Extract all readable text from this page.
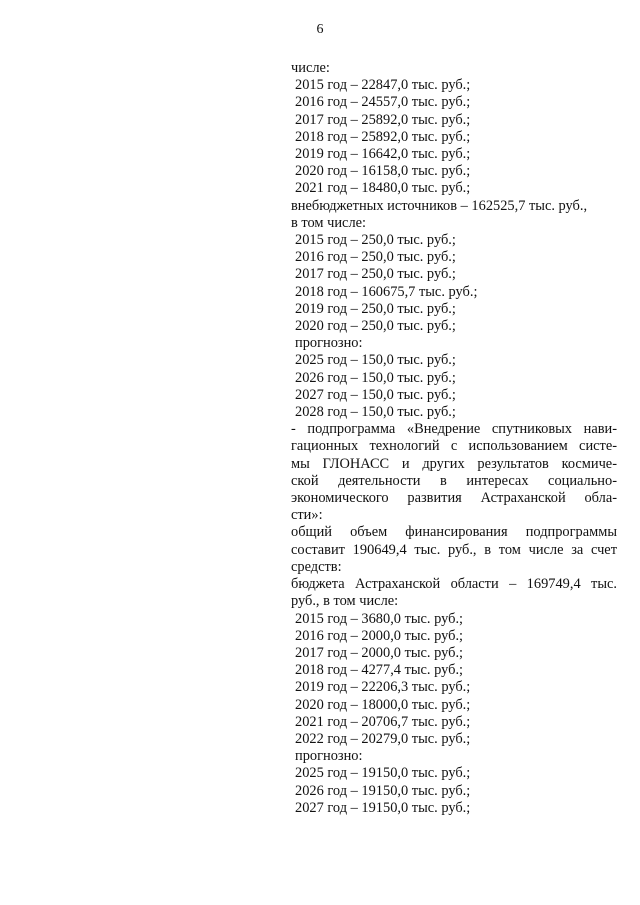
6
числе:
2015 год – 22847,0 тыс. руб.;
2016 год – 24557,0 тыс. руб.;
2017 год – 25892,0 тыс. руб.;
2018 год – 25892,0 тыс. руб.;
2019 год – 16642,0 тыс. руб.;
2020 год – 16158,0 тыс. руб.;
2021 год – 18480,0 тыс. руб.;
внебюджетных источников – 162525,7 тыс. руб.,
в том числе:
2015 год – 250,0 тыс. руб.;
2016 год – 250,0 тыс. руб.;
2017 год – 250,0 тыс. руб.;
2018 год – 160675,7 тыс. руб.;
2019 год – 250,0 тыс. руб.;
2020 год – 250,0 тыс. руб.;
прогнозно:
2025 год – 150,0 тыс. руб.;
2026 год – 150,0 тыс. руб.;
2027 год – 150,0 тыс. руб.;
2028 год – 150,0 тыс. руб.;
- подпрограмма «Внедрение спутниковых нави-
гационных технологий с использованием систе-
мы ГЛОНАСС и других результатов космиче-
ской деятельности в интересах социально-
экономического развития Астраханской обла-
сти»:
общий объем финансирования подпрограммы
составит 190649,4 тыс. руб., в том числе за счет
средств:
бюджета Астраханской области – 169749,4 тыс.
руб., в том числе:
2015 год – 3680,0 тыс. руб.;
2016 год – 2000,0 тыс. руб.;
2017 год – 2000,0 тыс. руб.;
2018 год – 4277,4 тыс. руб.;
2019 год – 22206,3 тыс. руб.;
2020 год – 18000,0 тыс. руб.;
2021 год – 20706,7 тыс. руб.;
2022 год – 20279,0 тыс. руб.;
прогнозно:
2025 год – 19150,0 тыс. руб.;
2026 год – 19150,0 тыс. руб.;
2027 год – 19150,0 тыс. руб.;
